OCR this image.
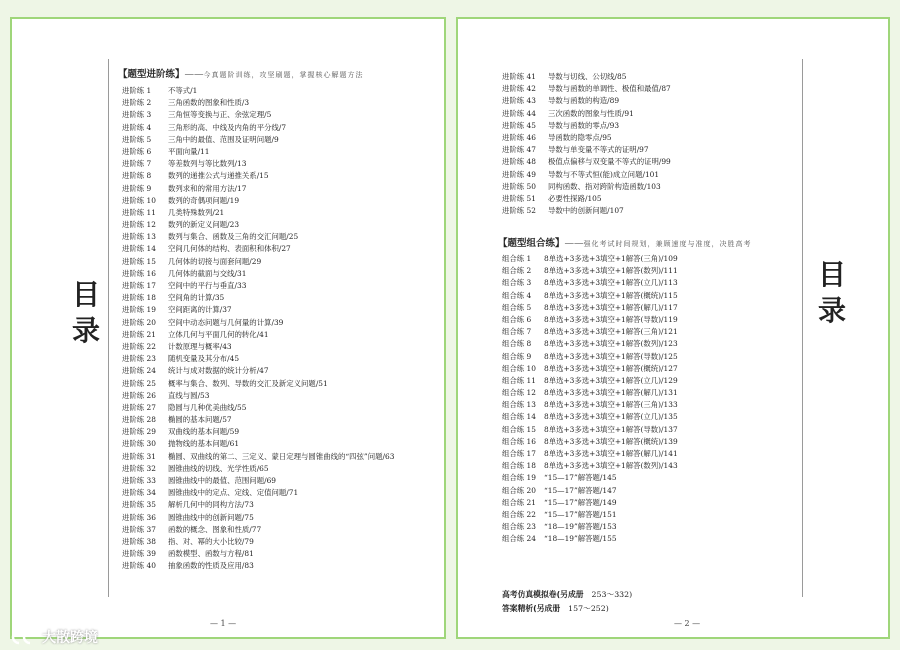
目
录
【题型进阶练】——今真题阶训练，攻坚刷题，掌握核心解题方法
进阶练 1	不等式/1
进阶练 2	三角函数的图象和性质/3
进阶练 3	三角恒等变换与正、余弦定理/5
进阶练 4	三角形的高、中线及内角的平分线/7
进阶练 5	三角中的最值、范围及证明问题/9
进阶练 6	平面向量/11
进阶练 7	等差数列与等比数列/13
进阶练 8	数列的递推公式与递推关系/15
进阶练 9	数列求和的常用方法/17
进阶练 10	数列的奇偶项问题/19
进阶练 11	几类特殊数列/21
进阶练 12	数列的新定义问题/23
进阶练 13	数列与集合、函数及三角的交汇问题/25
进阶练 14	空间几何体的结构、表面积和体积/27
进阶练 15	几何体的切接与面套问题/29
进阶练 16	几何体的截面与交线/31
进阶练 17	空间中的平行与垂直/33
进阶练 18	空间角的计算/35
进阶练 19	空间距离的计算/37
进阶练 20	空间中动态问题与几何量的计算/39
进阶练 21	立体几何与平面几何的转化/41
进阶练 22	计数原理与概率/43
进阶练 23	随机变量及其分布/45
进阶练 24	统计与成对数据的统计分析/47
进阶练 25	概率与集合、数列、导数的交汇及新定义问题/51
进阶练 26	直线与圆/53
进阶练 27	隐圆与几种优美曲线/55
进阶练 28	椭圆的基本问题/57
进阶练 29	双曲线的基本问题/59
进阶练 30	抛物线的基本问题/61
进阶练 31	椭圆、双曲线的第二、三定义、蒙日定理与圆锥曲线的“四弦”问题/63
进阶练 32	圆锥曲线的切线、光学性质/65
进阶练 33	圆锥曲线中的最值、范围问题/69
进阶练 34	圆锥曲线中的定点、定线、定值问题/71
进阶练 35	解析几何中的同构方法/73
进阶练 36	圆锥曲线中的创新问题/75
进阶练 37	函数的概念、图象和性质/77
进阶练 38	指、对、幂的大小比较/79
进阶练 39	函数模型、函数与方程/81
进阶练 40	抽象函数的性质及应用/83
— 1 —
目
录
进阶练 41	导数与切线、公切线/85
进阶练 42	导数与函数的单调性、极值和最值/87
进阶练 43	导数与函数的构造/89
进阶练 44	三次函数的图象与性质/91
进阶练 45	导数与函数的零点/93
进阶练 46	导函数的隐零点/95
进阶练 47	导数与单变量不等式的证明/97
进阶练 48	极值点偏移与双变量不等式的证明/99
进阶练 49	导数与不等式恒(能)成立问题/101
进阶练 50	同构函数、指对跨阶构造函数/103
进阶练 51	必要性探路/105
进阶练 52	导数中的创新问题/107
【题型组合练】——强化考试时间规划，兼顾速度与准度，决胜高考
组合练 1	8单选+3多选+3填空+1解答(三角)/109
组合练 2	8单选+3多选+3填空+1解答(数列)/111
组合练 3	8单选+3多选+3填空+1解答(立几)/113
组合练 4	8单选+3多选+3填空+1解答(概统)/115
组合练 5	8单选+3多选+3填空+1解答(解几)/117
组合练 6	8单选+3多选+3填空+1解答(导数)/119
组合练 7	8单选+3多选+3填空+1解答(三角)/121
组合练 8	8单选+3多选+3填空+1解答(数列)/123
组合练 9	8单选+3多选+3填空+1解答(导数)/125
组合练 10	8单选+3多选+3填空+1解答(概统)/127
组合练 11	8单选+3多选+3填空+1解答(立几)/129
组合练 12	8单选+3多选+3填空+1解答(解几)/131
组合练 13	8单选+3多选+3填空+1解答(三角)/133
组合练 14	8单选+3多选+3填空+1解答(立几)/135
组合练 15	8单选+3多选+3填空+1解答(导数)/137
组合练 16	8单选+3多选+3填空+1解答(概统)/139
组合练 17	8单选+3多选+3填空+1解答(解几)/141
组合练 18	8单选+3多选+3填空+1解答(数列)/143
组合练 19	“15—17”解答题/145
组合练 20	“15—17”解答题/147
组合练 21	“15—17”解答题/149
组合练 22	“15—17”解答题/151
组合练 23	“18—19”解答题/153
组合练 24	“18—19”解答题/155
高考仿真模拟卷(另成册 253～332)
答案精析(另成册 157～252)
— 2 —
大散跨境
